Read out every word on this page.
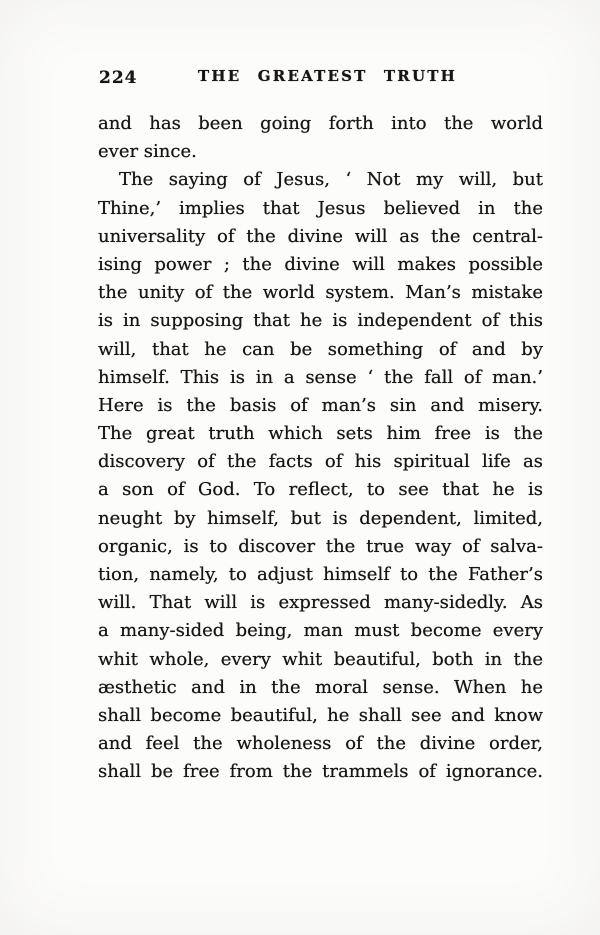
224	THE GREATEST TRUTH
and has been going forth into the world
ever since.
The saying of Jesus, ‘ Not my will, but
Thine,’ implies that Jesus believed in the
universality of the divine will as the central-
ising power ; the divine will makes possible
the unity of the world system. Man’s mistake
is in supposing that he is independent of this
will, that he can be something of and by
himself. This is in a sense ‘ the fall of man.’
Here is the basis of man’s sin and misery.
The great truth which sets him free is the
discovery of the facts of his spiritual life as
a son of God. To reflect, to see that he is
neught by himself, but is dependent, limited,
organic, is to discover the true way of salva-
tion, namely, to adjust himself to the Father’s
will. That will is expressed many-sidedly. As
a many-sided being, man must become every
whit whole, every whit beautiful, both in the
æsthetic and in the moral sense. When he
shall become beautiful, he shall see and know
and feel the wholeness of the divine order,
shall be free from the trammels of ignorance.
